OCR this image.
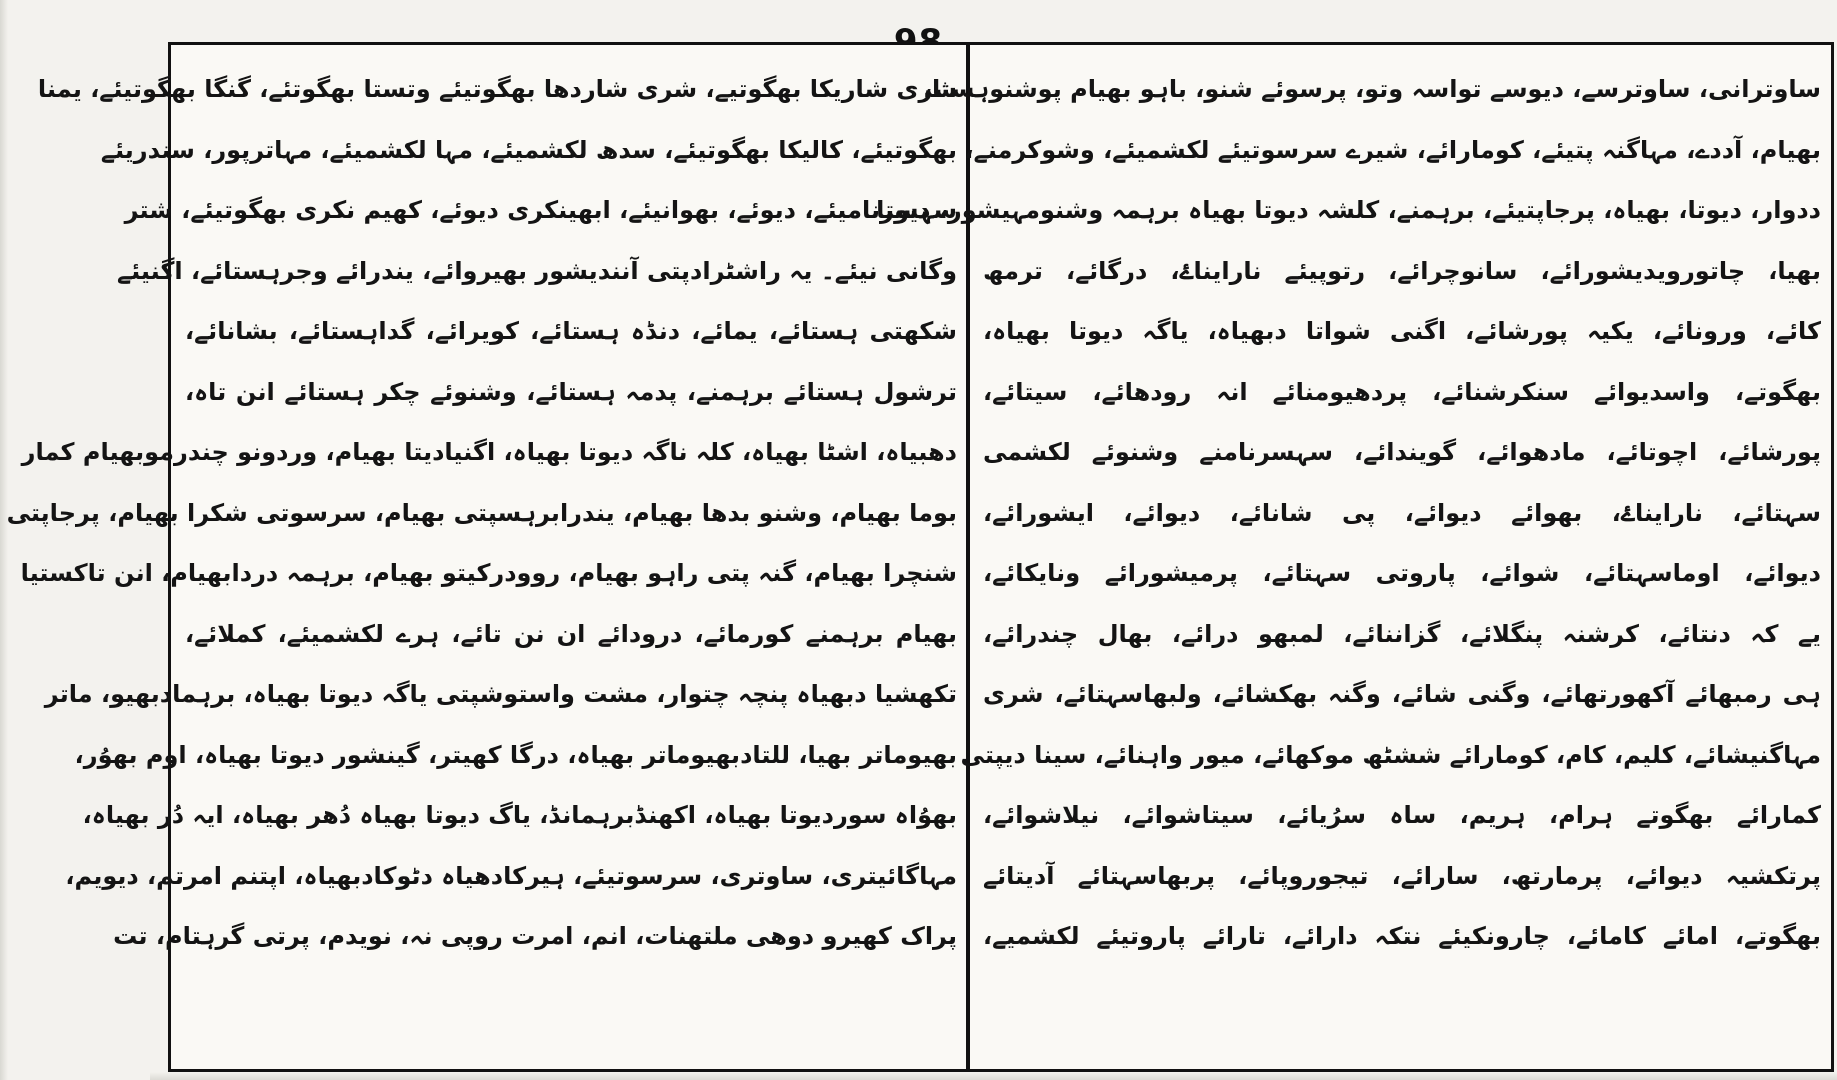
شری شاریکا بھگوتیے، شری شاردھا بھگوتیئے وتستا بھگوتئے، گنگا بھگوتیئے، یمنا
بھگوتیئے، کالیکا بھگوتیئے، سدھ لکشمیئے، مہا لکشمیئے، مہاترپور، سندریئے
سہسرنامیئے، دیوئے، بھوانیئے، ابھینکری دیوئے، کھیم نکری بھگوتیئے، شتر
وگانی نیئے۔ یہ راشٹرادپتی آنندیشور بھیروائے، یندرائے وجرہستائے، اگنیئے
شکھتی ہستائے، یمائے، دنڈہ ہستائے، کویرائے، گداہستائے، بشانائے،
ترشول ہستائے برہمنے، پدمہ ہستائے، وشنوئے چکر ہستائے انن تاہ،
دھبیاہ، اشٹا بھیاہ، کلہ ناگہ دیوتا بھیاہ، اگنیادیتا بھیام، وردونو چندرموبھیام کمار
بوما بھیام، وشنو بدھا بھیام، یندرابرہسپتی بھیام، سرسوتی شکرا بھیام، پرجاپتی
شنچرا بھیام، گنہ پتی راہو بھیام، روودرکیتو بھیام، برہمہ دردابھیام، انن تاکستیا
بھیام برہمنے کورمائے، درودائے ان نن تائے، ہرے لکشمیئے، کملائے،
تکھشیا دبھیاہ پنچہ چتوار، مشت واستوشپتی یاگہ دیوتا بھیاہ، برہمادبھیو، ماتر
بھیوماتر بھیا، للتادبھیوماتر بھیاہ، درگا کھیتر، گینشور دیوتا بھیاہ، اوم بھوُر،
بھوُاہ سوردیوتا بھیاہ، اکھنڈبرہمانڈ، یاگ دیوتا بھیاہ دُھر بھیاہ، ایہ دُر بھیاہ،
مہاگائیتری، ساوتری، سرسوتیئے، ہیرکادھیاہ دٹوکادبھیاہ، اپتنم امرتم، دیویم،
پراک کھیرو دوھی ملتھنات، انم، امرت روپی نہ، نویدم، پرتی گرہتام، تت
ساوترانی، ساوترسے، دیوسے تواسہ وتو، پرسوئے شنو، باہو بھیام پوشنوہستا،
بھیام، آددے، مہاگنہ پتیئے، کومارائے، شیرے سرسوتیئے لکشمیئے، وشوکرمنے،
ددوار، دیوتا، بھیاہ، پرجاپتیئے، برہمنے، کلشہ دیوتا بھیاہ برہمہ وشنومہیشور، دیوتا
بھیا، چاتورویدیشورائے، سانوچرائے، رتوپیئے نارایناۓ، درگائے، ترمھ
کائے، ورونائے، یکیہ پورشائے، اگنی شواتا دبھیاہ، یاگہ دیوتا بھیاہ،
بھگوتے، واسدیوائے سنکرشنائے، پردھیومنائے انہ رودھائے، سیتائے،
پورشائے، اچوتائے، مادھوائے، گویندائے، سہسرنامنے وشنوئے لکشمی
سہتائے، نارایناۓ، بھوائے دیوائے، پی شانائے، دیوائے، ایشورائے،
دیوائے، اوماسہتائے، شوائے، پاروتی سہتائے، پرمیشورائے ونایکائے،
یے کہ دنتائے، کرشنہ پنگلائے، گزاننائے، لمبھو درائے، بھال چندرائے،
ہی رمبھائے آکھورتھائے، وگنی شائے، وگنہ بھکشائے، ولبھاسہتائے، شری
مہاگنیشائے، کلیم، کام، کومارائے ششٹھ موکھائے، میور واہنائے، سینا دیپتی
کمارائے بھگوتے ہرام، ہریم، ساہ سرُیائے، سیتاشوائے، نیلاشوائے،
پرتکشیہ دیوائے، پرمارتھ، سارائے، تیجوروپائے، پربھاسہتائے آدیتائے
بھگوتے، امائے کامائے، چارونکیئے نتکہ دارائے، تارائے پاروتیئے لکشمیے،
